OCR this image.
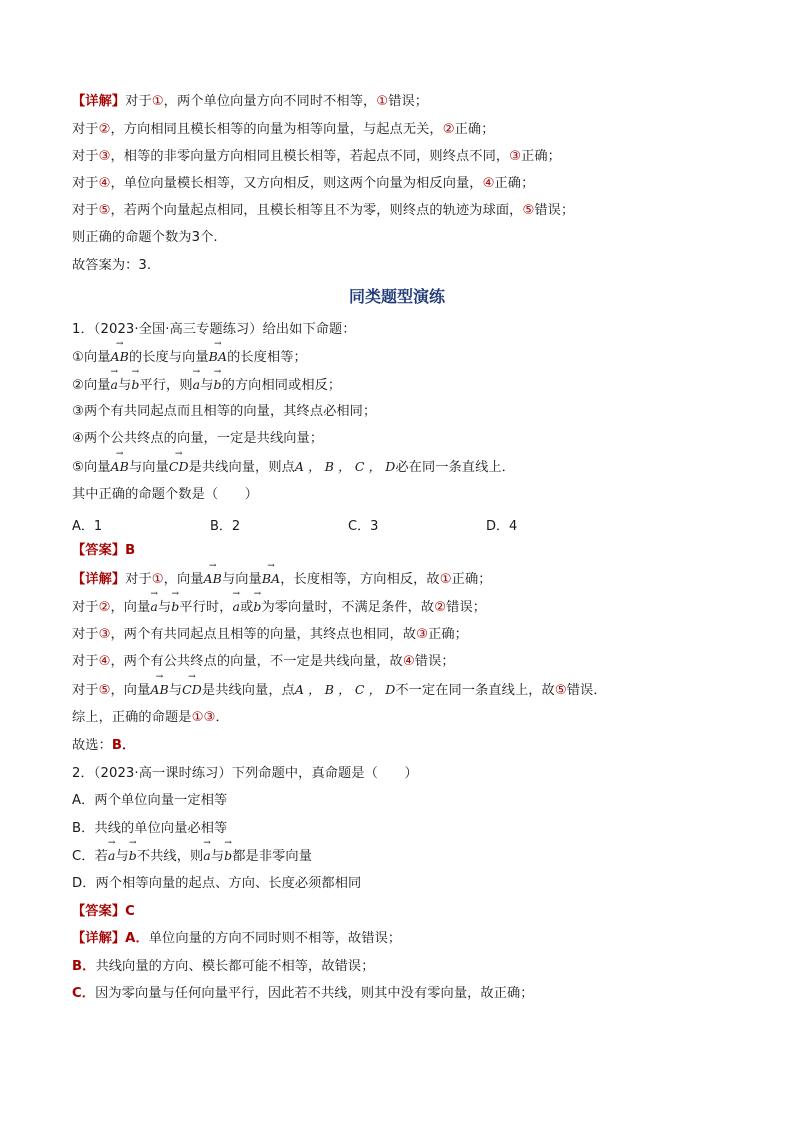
【详解】对于①，两个单位向量方向不同时不相等，①错误；
对于②，方向相同且模长相等的向量为相等向量，与起点无关，②正确；
对于③，相等的非零向量方向相同且模长相等，若起点不同，则终点不同，③正确；
对于④，单位向量模长相等，又方向相反，则这两个向量为相反向量，④正确；
对于⑤，若两个向量起点相同，且模长相等且不为零，则终点的轨迹为球面，⑤错误；
则正确的命题个数为3个.
故答案为：3.
同类题型演练
1．（2023·全国·高三专题练习）给出如下命题：
①向量→ AB的长度与向量→ BA的长度相等；
②向量→ a与→ b平行，则→ a与→ b的方向相同或相反；
③两个有共同起点而且相等的向量，其终点必相同；
④两个公共终点的向量，一定是共线向量；
⑤向量→ AB与向量→ CD是共线向量，则点A ， B ， C ， D必在同一条直线上．
其中正确的命题个数是（　　）
A．1	B．2	C．3	D．4
【答案】B
【详解】对于①，向量→ AB与向量→ BA，长度相等，方向相反，故①正确；
对于②，向量→ a与→ b平行时，→ a或→ b为零向量时，不满足条件，故②错误；
对于③，两个有共同起点且相等的向量，其终点也相同，故③正确；
对于④，两个有公共终点的向量，不一定是共线向量，故④错误；
对于⑤，向量→ AB与→ CD是共线向量，点A ， B ， C ， D不一定在同一条直线上，故⑤错误．
综上，正确的命题是①③．
故选：B．
2．（2023·高一课时练习）下列命题中，真命题是（　　）
A．两个单位向量一定相等
B．共线的单位向量必相等
C．若→ a与→ b不共线，则→ a与→ b都是非零向量
D．两个相等向量的起点、方向、长度必须都相同
【答案】C
【详解】A．单位向量的方向不同时则不相等，故错误；
B．共线向量的方向、模长都可能不相等，故错误；
C．因为零向量与任何向量平行，因此若不共线，则其中没有零向量，故正确；
